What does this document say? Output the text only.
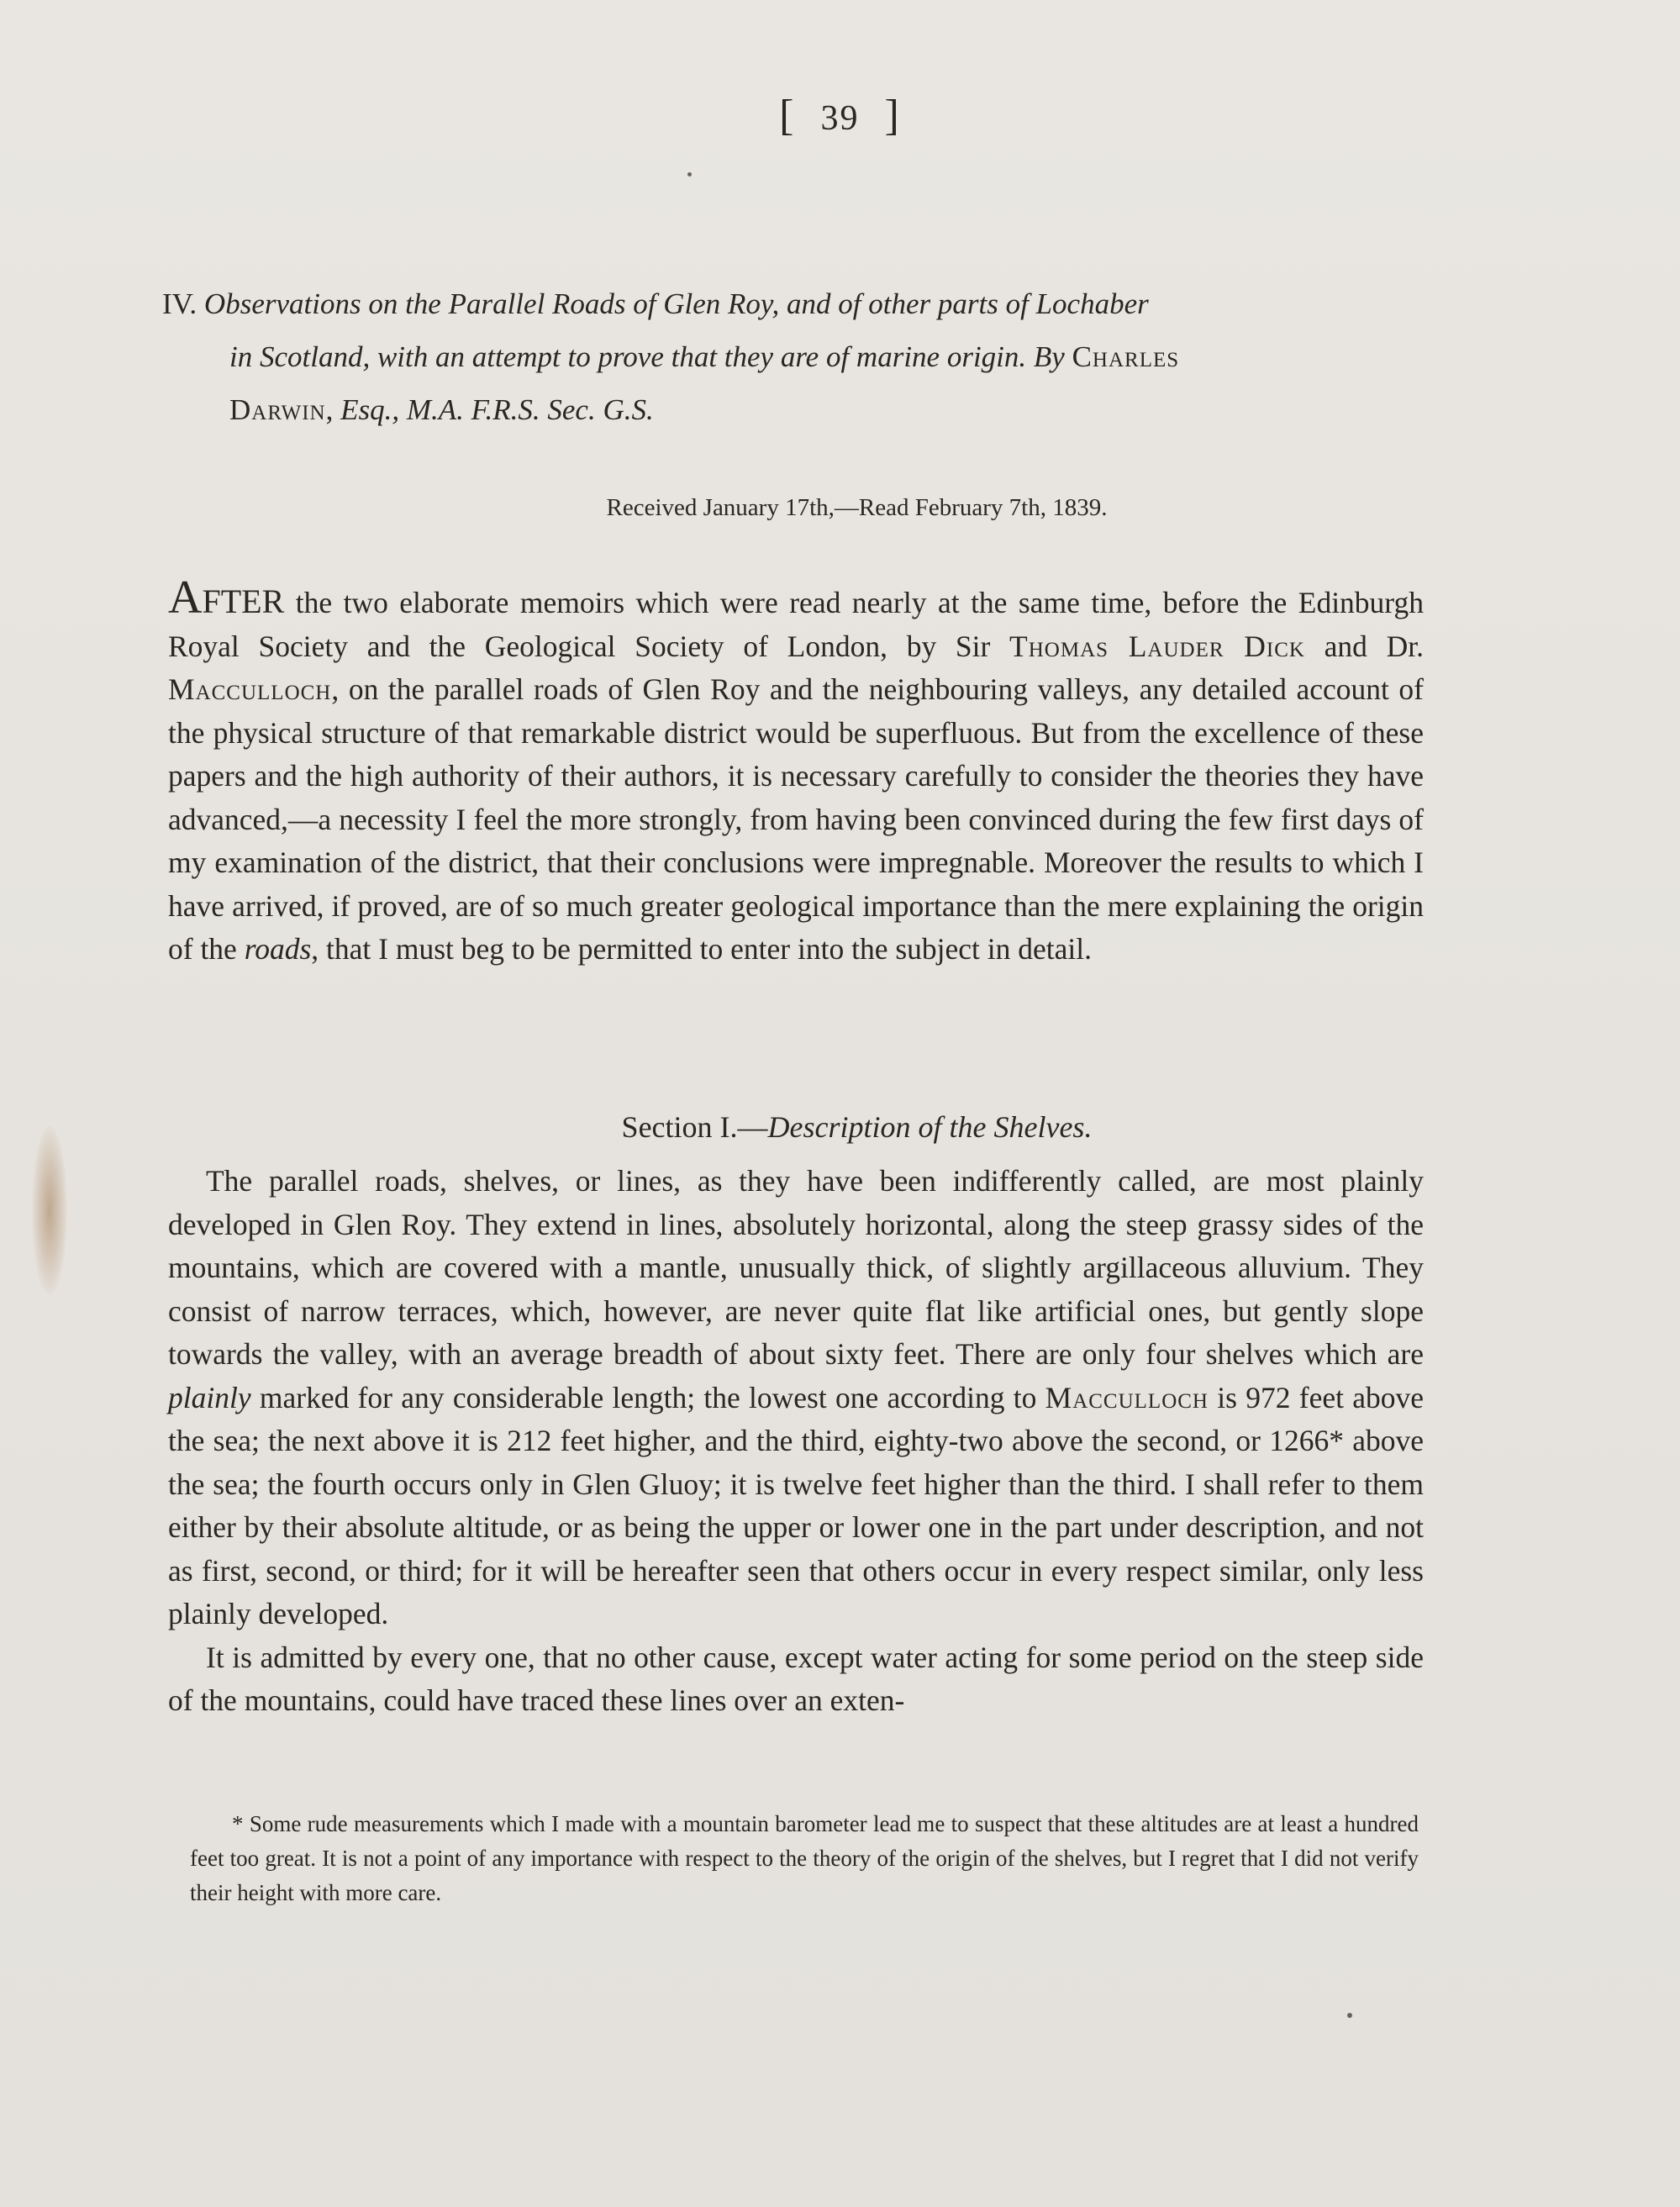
[ 39 ]
IV. Observations on the Parallel Roads of Glen Roy, and of other parts of Lochaber
in Scotland, with an attempt to prove that they are of marine origin. By Charles
Darwin, Esq., M.A. F.R.S. Sec. G.S.
Received January 17th,—Read February 7th, 1839.
AFTER the two elaborate memoirs which were read nearly at the same time, before the Edinburgh Royal Society and the Geological Society of London, by Sir Thomas Lauder Dick and Dr. Macculloch, on the parallel roads of Glen Roy and the neighbouring valleys, any detailed account of the physical structure of that remarkable district would be superfluous. But from the excellence of these papers and the high authority of their authors, it is necessary carefully to consider the theories they have advanced,—a necessity I feel the more strongly, from having been convinced during the few first days of my examination of the district, that their conclusions were impregnable. Moreover the results to which I have arrived, if proved, are of so much greater geological importance than the mere explaining the origin of the roads, that I must beg to be permitted to enter into the subject in detail.
Section I.—Description of the Shelves.

The parallel roads, shelves, or lines, as they have been indifferently called, are most plainly developed in Glen Roy. They extend in lines, absolutely horizontal, along the steep grassy sides of the mountains, which are covered with a mantle, unusually thick, of slightly argillaceous alluvium. They consist of narrow terraces, which, however, are never quite flat like artificial ones, but gently slope towards the valley, with an average breadth of about sixty feet. There are only four shelves which are plainly marked for any considerable length; the lowest one according to Macculloch is 972 feet above the sea; the next above it is 212 feet higher, and the third, eighty-two above the second, or 1266* above the sea; the fourth occurs only in Glen Gluoy; it is twelve feet higher than the third. I shall refer to them either by their absolute altitude, or as being the upper or lower one in the part under description, and not as first, second, or third; for it will be hereafter seen that others occur in every respect similar, only less plainly developed.

It is admitted by every one, that no other cause, except water acting for some period on the steep side of the mountains, could have traced these lines over an exten-

* Some rude measurements which I made with a mountain barometer lead me to suspect that these altitudes are at least a hundred feet too great. It is not a point of any importance with respect to the theory of the origin of the shelves, but I regret that I did not verify their height with more care.
